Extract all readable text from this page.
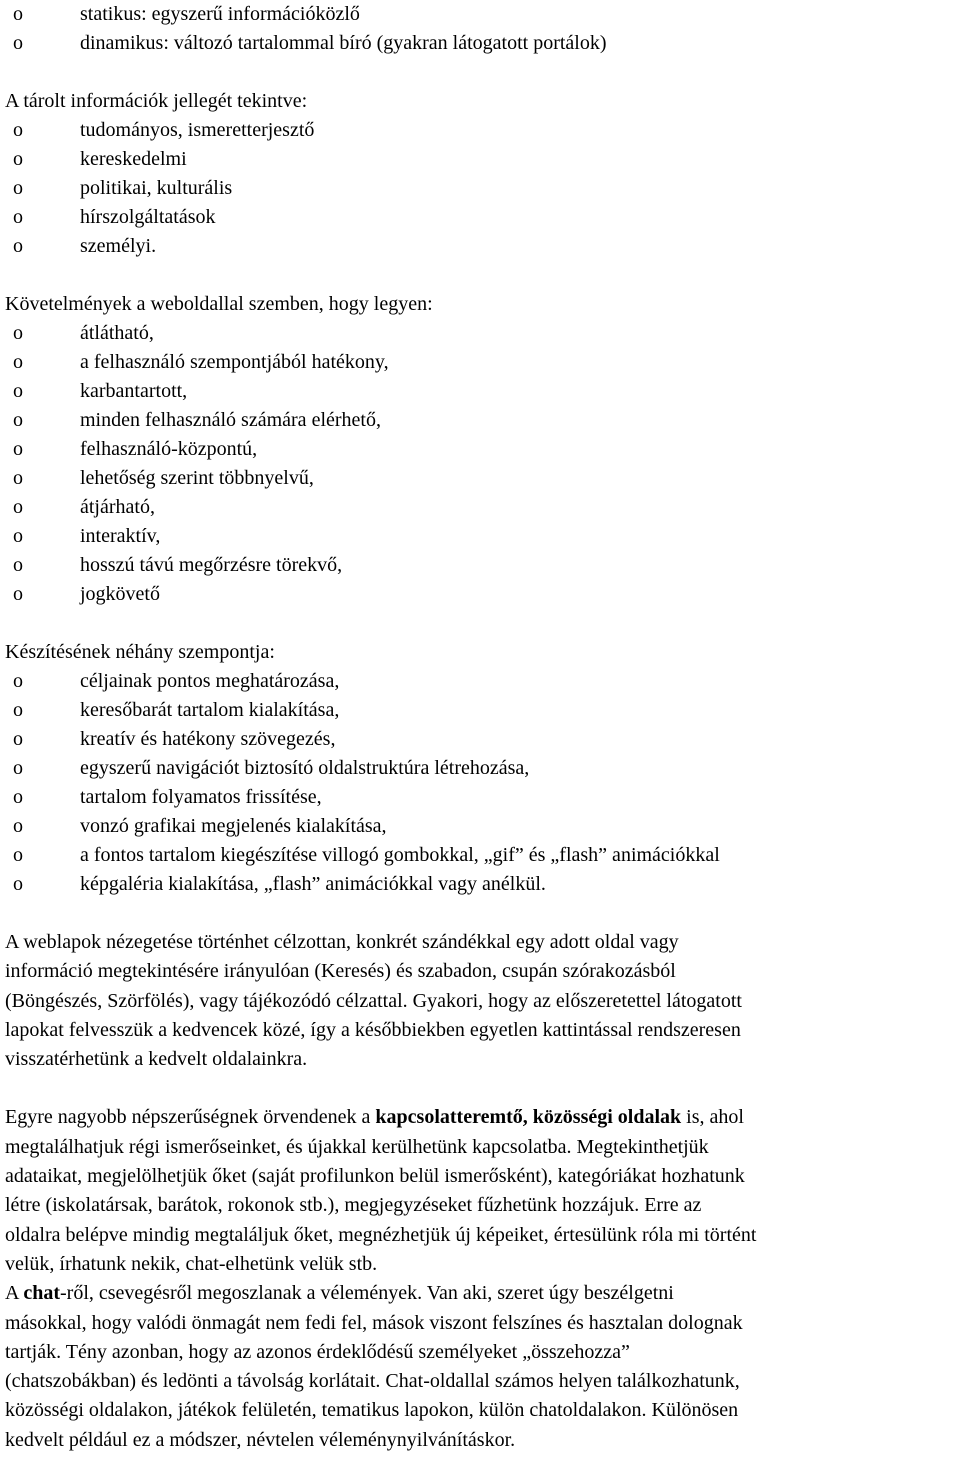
o	statikus: egyszerű információközlő
o	dinamikus: változó tartalommal bíró (gyakran látogatott portálok)

A tárolt információk jellegét tekintve:

o	tudományos, ismeretterjesztő
o	kereskedelmi
o	politikai, kulturális
o	hírszolgáltatások
o	személyi.

Követelmények a weboldallal szemben, hogy legyen:

o	átlátható,
o	a felhasználó szempontjából hatékony,
o	karbantartott,
o	minden felhasználó számára elérhető,
o	felhasználó-központú,
o	lehetőség szerint többnyelvű,
o	átjárható,
o	interaktív,
o	hosszú távú megőrzésre törekvő,
o	jogkövető

Készítésének néhány szempontja:

o	céljainak pontos meghatározása,
o	keresőbarát tartalom kialakítása,
o	kreatív és hatékony szövegezés,
o	egyszerű navigációt biztosító oldalstruktúra létrehozása,
o	tartalom folyamatos frissítése,
o	vonzó grafikai megjelenés kialakítása,
o	a fontos tartalom kiegészítése villogó gombokkal, „gif” és „flash” animációkkal
o	képgaléria kialakítása, „flash” animációkkal vagy anélkül.

A weblapok nézegetése történhet célzottan, konkrét szándékkal egy adott oldal vagy
információ megtekintésére irányulóan (Keresés) és szabadon, csupán szórakozásból
(Böngészés, Szörfölés), vagy tájékozódó célzattal. Gyakori, hogy az előszeretettel látogatott
lapokat felvesszük a kedvencek közé, így a későbbiekben egyetlen kattintással rendszeresen
visszatérhetünk a kedvelt oldalainkra.

Egyre nagyobb népszerűségnek örvendenek a kapcsolatteremtő, közösségi oldalak is, ahol
megtalálhatjuk régi ismerőseinket, és újakkal kerülhetünk kapcsolatba. Megtekinthetjük
adataikat, megjelölhetjük őket (saját profilunkon belül ismerősként), kategóriákat hozhatunk
létre (iskolatársak, barátok, rokonok stb.), megjegyzéseket fűzhetünk hozzájuk. Erre az
oldalra belépve mindig megtaláljuk őket, megnézhetjük új képeiket, értesülünk róla mi történt
velük, írhatunk nekik, chat-elhetünk velük stb.

A chat-ről, csevegésről megoszlanak a vélemények. Van aki, szeret úgy beszélgetni
másokkal, hogy valódi önmagát nem fedi fel, mások viszont felszínes és hasztalan dolognak
tartják. Tény azonban, hogy az azonos érdeklődésű személyeket „összehozza”
(chatszobákban) és ledönti a távolság korlátait. Chat-oldallal számos helyen találkozhatunk,
közösségi oldalakon, játékok felületén, tematikus lapokon, külön chatoldalakon. Különösen
kedvelt például ez a módszer, névtelen véleménynyilvánításkor.
